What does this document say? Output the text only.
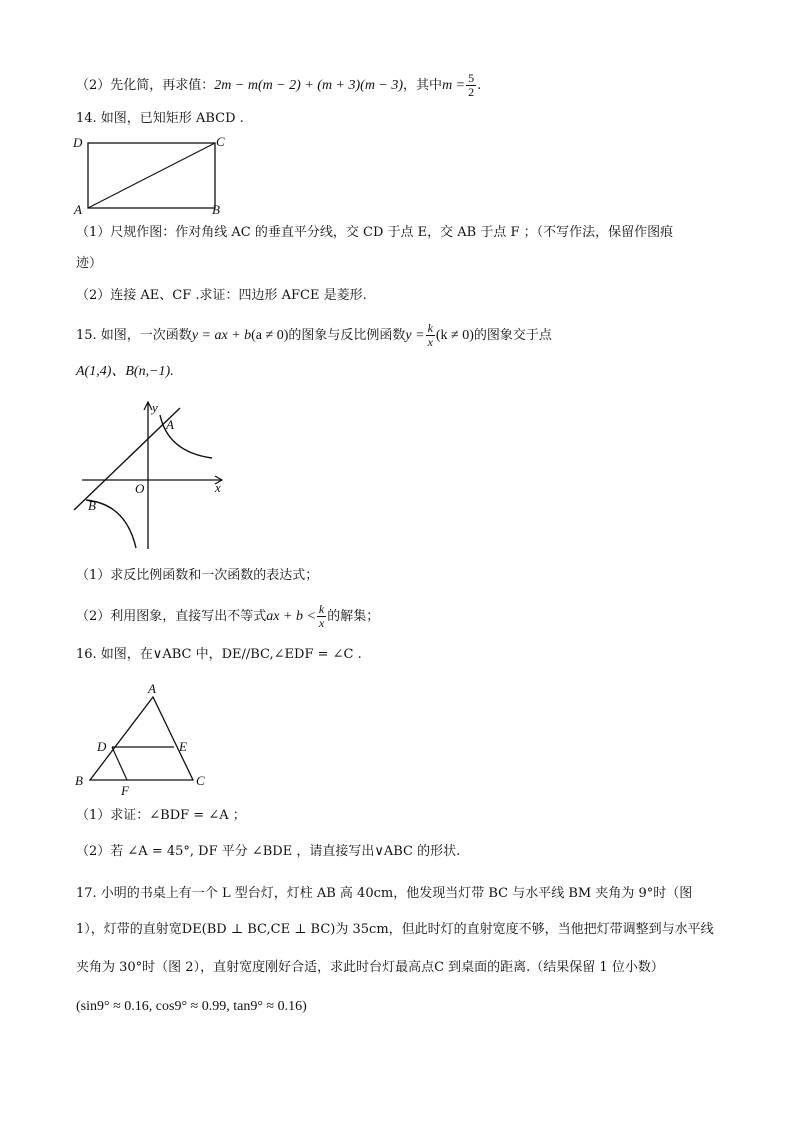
（2）先化简，再求值：2m − m(m − 2) + (m + 3)(m − 3)，其中$m = \frac{5}{2}$ .
14. 如图，已知矩形 ABCD .
D	C
A	B
（1）尺规作图：作对角线 AC 的垂直平分线，交 CD 于点 E，交 AB 于点 F ；（不写作法，保留作图痕
迹）
（2）连接 AE、CF .求证：四边形 AFCE 是菱形.
15. 如图，一次函数y = ax + b(a ≠ 0)的图象与反比例函数$y = \frac{k}{x} (k \ne 0)$的图象交于点
A(1,4)、B(n,−1).
y
x
O
A
B
（1）求反比例函数和一次函数的表达式；
（2）利用图象，直接写出不等式ax + $b < \frac{k}{x}$ 的解集；
16. 如图，在∨ABC 中，DE//BC,∠EDF = ∠C .
A
D	E
B
F
C
（1）求证：∠BDF = ∠A ；
（2）若 ∠A = 45°, DF 平分 ∠BDE ，请直接写出∨ABC 的形状.
17. 小明的书桌上有一个 L 型台灯，灯柱 AB 高 40cm，他发现当灯带 BC 与水平线 BM 夹角为 9°时（图
1），灯带的直射宽DE(BD ⊥ BC,CE ⊥ BC)为 35cm，但此时灯的直射宽度不够，当他把灯带调整到与水平线
夹角为 30°时（图 2），直射宽度刚好合适，求此时台灯最高点C 到桌面的距离.（结果保留 1 位小数）
(sin9° ≈ 0.16, cos9° ≈ 0.99, tan9° ≈ 0.16)
